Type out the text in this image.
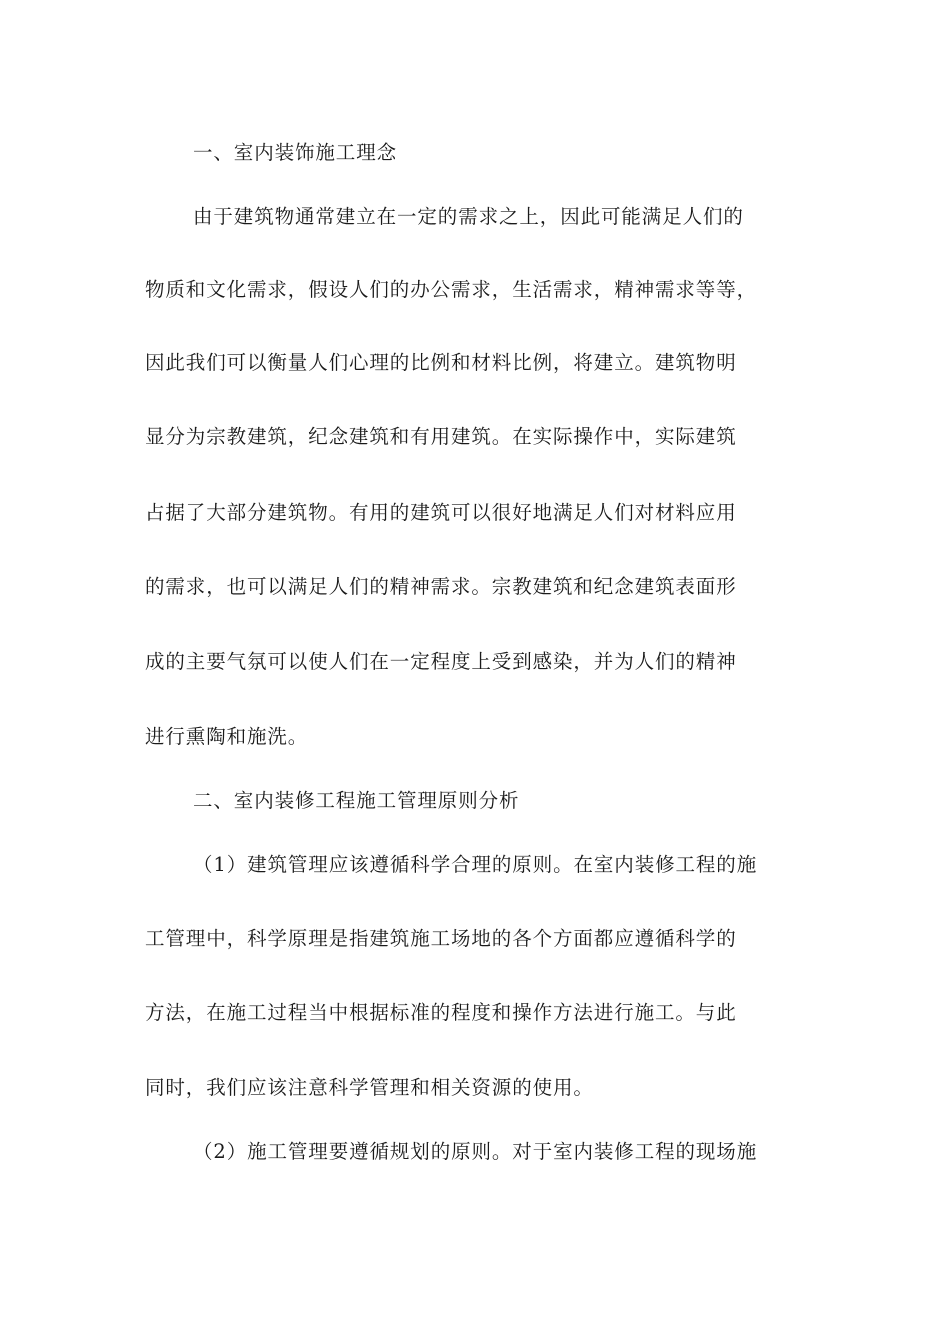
一、室内装饰施工理念
由于建筑物通常建立在一定的需求之上，因此可能满足人们的
物质和文化需求，假设人们的办公需求，生活需求，精神需求等等，
因此我们可以衡量人们心理的比例和材料比例，将建立。建筑物明
显分为宗教建筑，纪念建筑和有用建筑。在实际操作中，实际建筑
占据了大部分建筑物。有用的建筑可以很好地满足人们对材料应用
的需求，也可以满足人们的精神需求。宗教建筑和纪念建筑表面形
成的主要气氛可以使人们在一定程度上受到感染，并为人们的精神
进行熏陶和施洗。
二、室内装修工程施工管理原则分析
（1）建筑管理应该遵循科学合理的原则。在室内装修工程的施
工管理中，科学原理是指建筑施工场地的各个方面都应遵循科学的
方法，在施工过程当中根据标准的程度和操作方法进行施工。与此
同时，我们应该注意科学管理和相关资源的使用。
（2）施工管理要遵循规划的原则。对于室内装修工程的现场施
